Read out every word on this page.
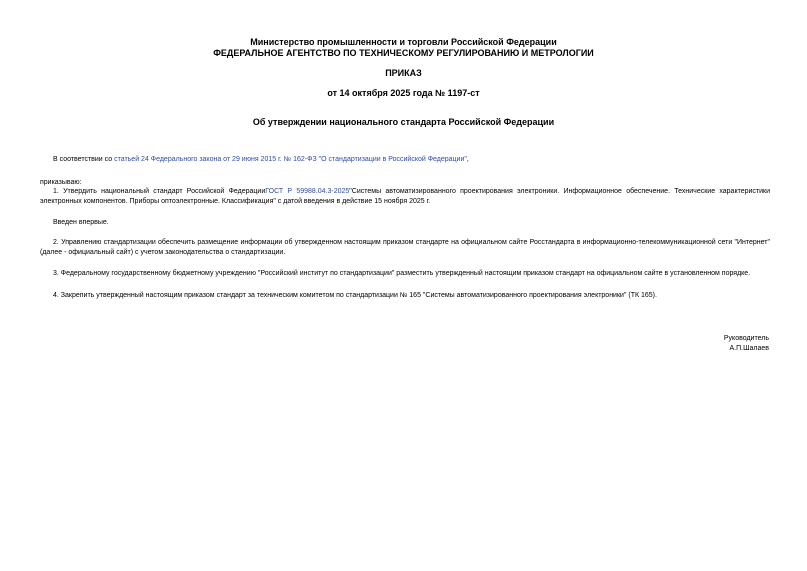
Министерство промышленности и торговли Российской Федерации
ФЕДЕРАЛЬНОЕ АГЕНТСТВО ПО ТЕХНИЧЕСКОМУ РЕГУЛИРОВАНИЮ И МЕТРОЛОГИИ
ПРИКАЗ
от 14 октября 2025 года № 1197-ст
Об утверждении национального стандарта Российской Федерации
В соответствии со статьей 24 Федерального закона от 29 июня 2015 г. № 162-ФЗ "О стандартизации в Российской Федерации",
приказываю:
1. Утвердить национальный стандарт Российской ФедерацииГОСТ Р 59988.04.3-2025"Системы автоматизированного проектирования электроники. Информационное обеспечение. Технические характеристики электронных компонентов. Приборы оптоэлектронные. Классификация" с датой введения в действие 15 ноября 2025 г.
Введен впервые.
2. Управлению стандартизации обеспечить размещение информации об утвержденном настоящим приказом стандарте на официальном сайте Росстандарта в информационно-телекоммуникационной сети "Интернет" (далее - официальный сайт) с учетом законодательства о стандартизации.
3. Федеральному государственному бюджетному учреждению "Российский институт по стандартизации" разместить утвержденный настоящим приказом стандарт на официальном сайте в установленном порядке.
4. Закрепить утвержденный настоящим приказом стандарт за техническим комитетом по стандартизации № 165 "Системы автоматизированного проектирования электроники" (ТК 165).
Руководитель
А.П.Шалаев
